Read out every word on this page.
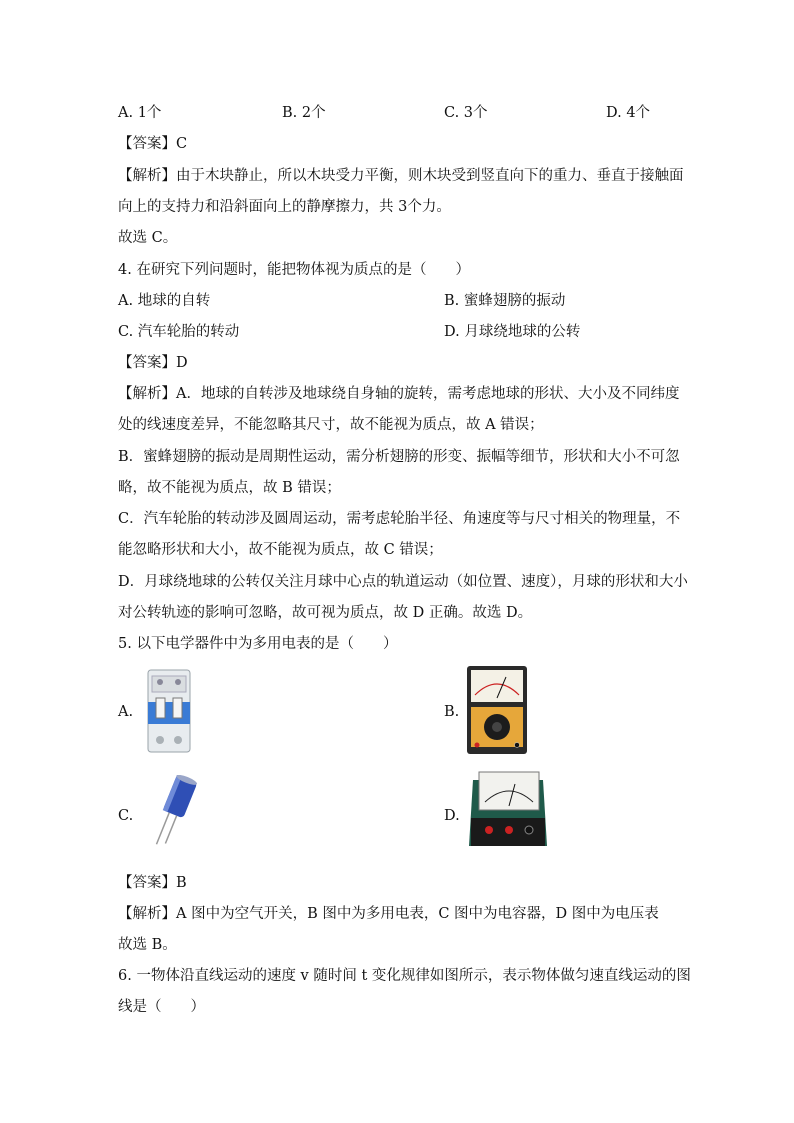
A. 1个	B. 2个	C. 3个	D. 4个
【答案】C
【解析】由于木块静止，所以木块受力平衡，则木块受到竖直向下的重力、垂直于接触面
向上的支持力和沿斜面向上的静摩擦力，共 3个力。
故选 C。
4. 在研究下列问题时，能把物体视为质点的是（　　）
A. 地球的自转	B. 蜜蜂翅膀的振动
C. 汽车轮胎的转动	D. 月球绕地球的公转
【答案】D
【解析】A．地球的自转涉及地球绕自身轴的旋转，需考虑地球的形状、大小及不同纬度
处的线速度差异，不能忽略其尺寸，故不能视为质点，故 A 错误；
B．蜜蜂翅膀的振动是周期性运动，需分析翅膀的形变、振幅等细节，形状和大小不可忽
略，故不能视为质点，故 B 错误；
C．汽车轮胎的转动涉及圆周运动，需考虑轮胎半径、角速度等与尺寸相关的物理量，不
能忽略形状和大小，故不能视为质点，故 C 错误；
D．月球绕地球的公转仅关注月球中心点的轨道运动（如位置、速度），月球的形状和大小
对公转轨迹的影响可忽略，故可视为质点，故 D 正确。故选 D。
5. 以下电学器件中为多用电表的是（　　）
A.	B.
C.	D.
【答案】B
【解析】A 图中为空气开关，B 图中为多用电表，C 图中为电容器，D 图中为电压表
故选 B。
6. 一物体沿直线运动的速度 v 随时间 t 变化规律如图所示，表示物体做匀速直线运动的图
线是（　　）
